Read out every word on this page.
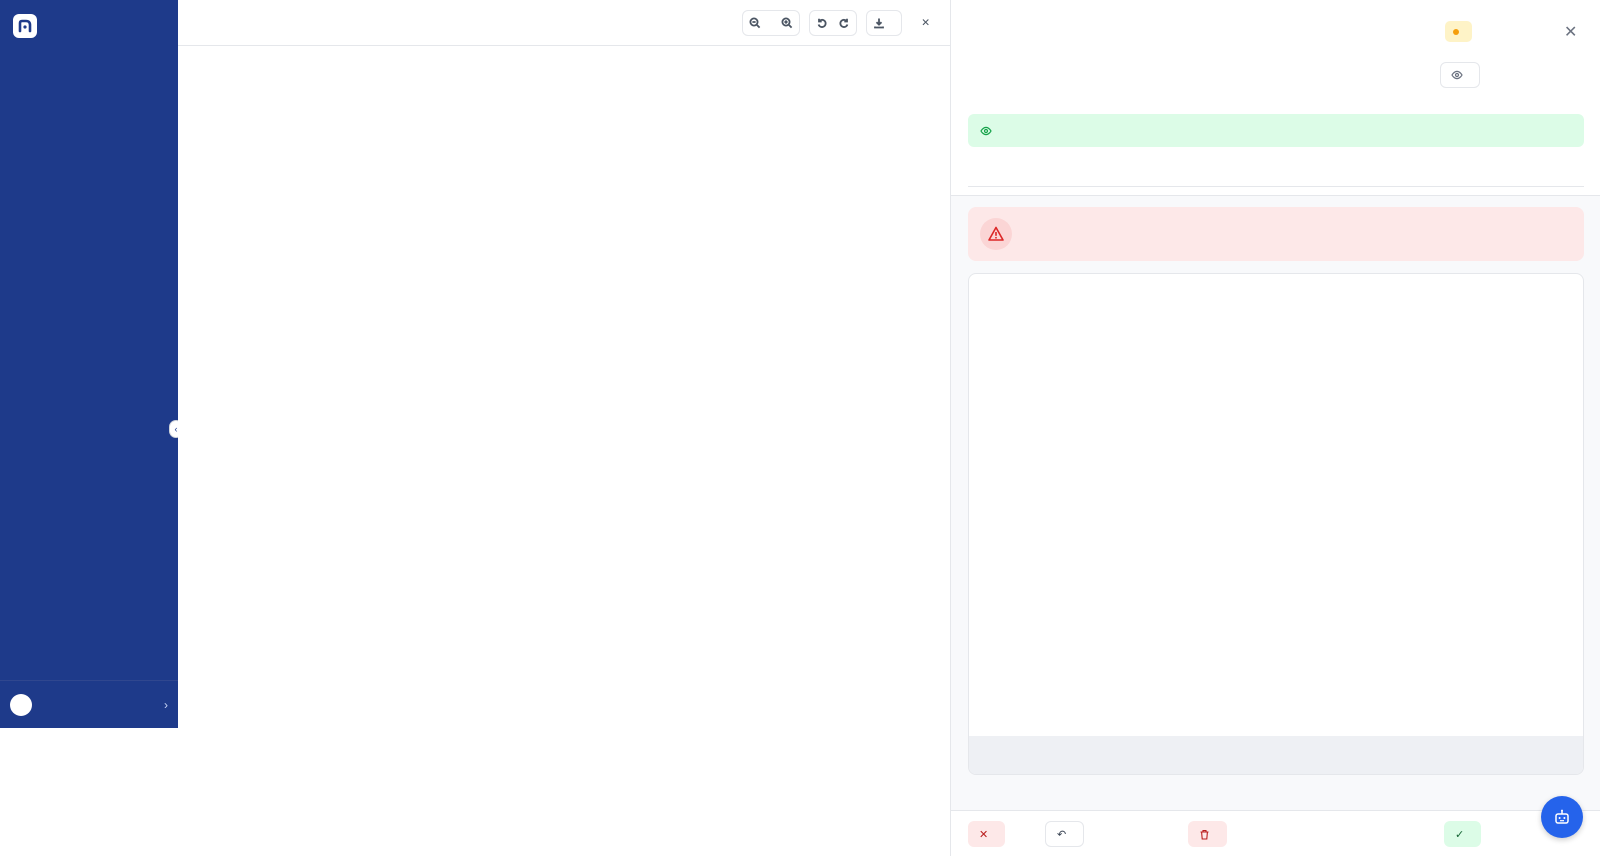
›
‹
✕
✕
✕	↶	✓
